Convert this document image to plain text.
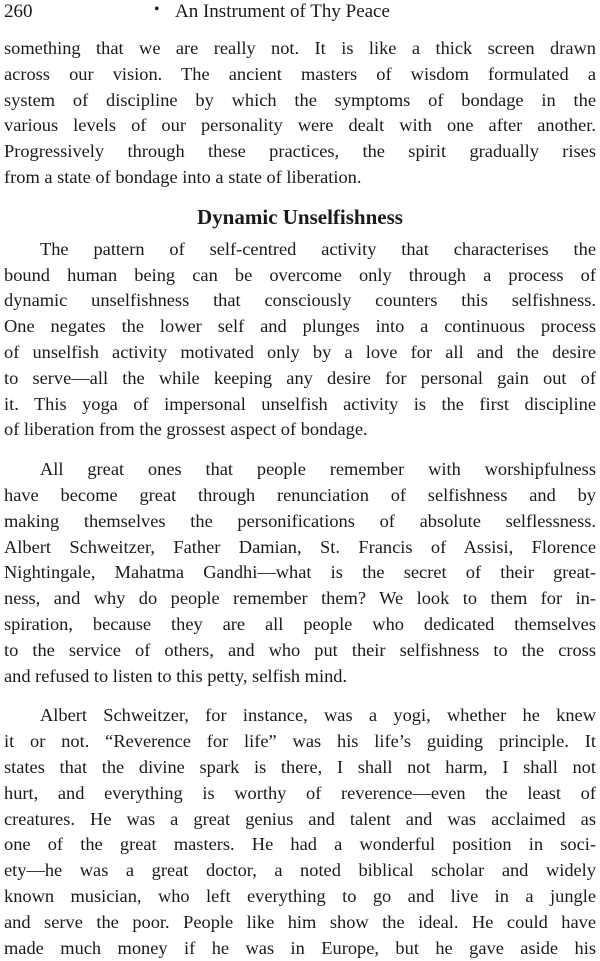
260	• An Instrument of Thy Peace
something that we are really not. It is like a thick screen drawn
across our vision. The ancient masters of wisdom formulated a
system of discipline by which the symptoms of bondage in the
various levels of our personality were dealt with one after another.
Progressively through these practices, the spirit gradually rises
from a state of bondage into a state of liberation.
Dynamic Unselfishness
The pattern of self-centred activity that characterises the
bound human being can be overcome only through a process of
dynamic unselfishness that consciously counters this selfishness.
One negates the lower self and plunges into a continuous process
of unselfish activity motivated only by a love for all and the desire
to serve—all the while keeping any desire for personal gain out of
it. This yoga of impersonal unselfish activity is the first discipline
of liberation from the grossest aspect of bondage.
All great ones that people remember with worshipfulness
have become great through renunciation of selfishness and by
making themselves the personifications of absolute selflessness.
Albert Schweitzer, Father Damian, St. Francis of Assisi, Florence
Nightingale, Mahatma Gandhi—what is the secret of their great-
ness, and why do people remember them? We look to them for in-
spiration, because they are all people who dedicated themselves
to the service of others, and who put their selfishness to the cross
and refused to listen to this petty, selfish mind.
Albert Schweitzer, for instance, was a yogi, whether he knew
it or not. “Reverence for life” was his life’s guiding principle. It
states that the divine spark is there, I shall not harm, I shall not
hurt, and everything is worthy of reverence—even the least of
creatures. He was a great genius and talent and was acclaimed as
one of the great masters. He had a wonderful position in soci-
ety—he was a great doctor, a noted biblical scholar and widely
known musician, who left everything to go and live in a jungle
and serve the poor. People like him show the ideal. He could have
made much money if he was in Europe, but he gave aside his
